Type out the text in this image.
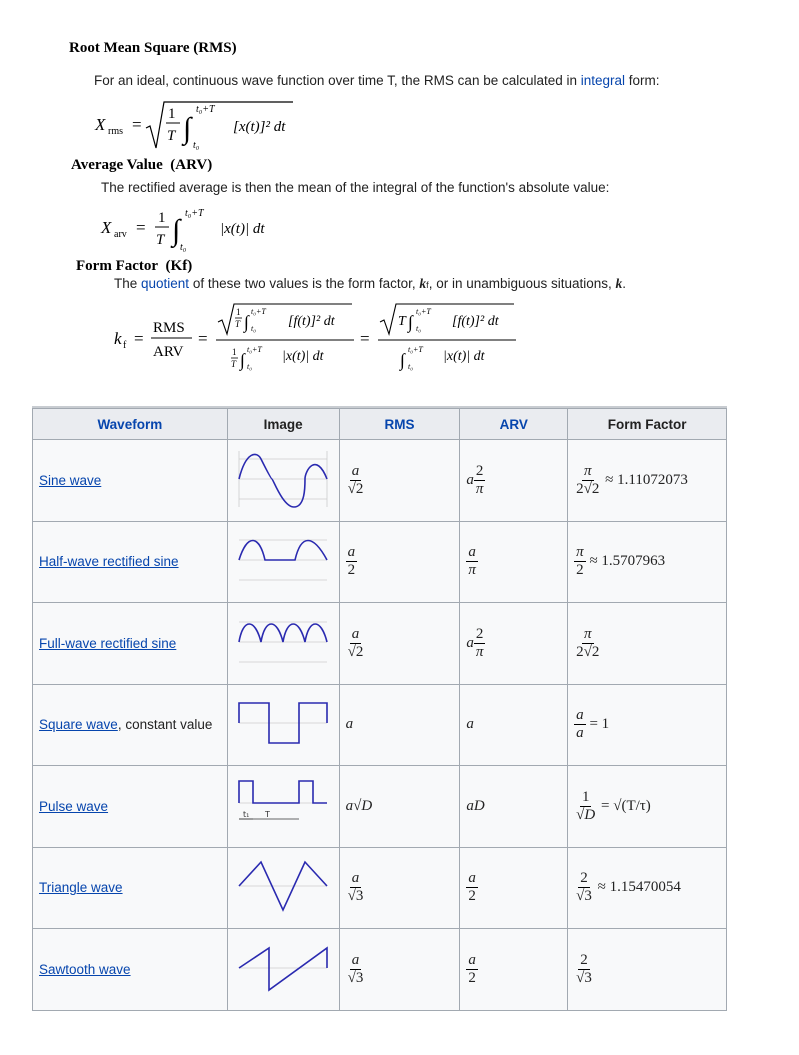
Root Mean Square (RMS)
For an ideal, continuous wave function over time T, the RMS can be calculated in integral form:
X rms =
1
T ∫
t₀+T
t₀
[x(t)]² dt
Average Value (ARV)
The rectified average is then the mean of the integral of the function's absolute value:
X arv = 1
T ∫
t₀+T
t₀
|x(t)| dt
Form Factor (Kf)
The quotient of these two values is the form factor, kf, or in unambiguous situations, k.
k f =
RMS
ARV
=
1
T ∫
t₀+T
t₀ [f(t)]² dt
1
T ∫
t₀+T
t₀
|x(t)| dt
=
T ∫
t₀+T
t₀ [f(t)]² dt
∫
t₀+T
t₀
|x(t)| dt
Waveform	Image	RMS	ARV	Form Factor
Sine wave		$\frac{a}{√2}$	a $\frac{2}{\pi}$	$\frac{\pi}{2√2} \approx 1.11072073$
Half-wave rectified sine		$\frac{a}{2}$	$\frac{a}{\pi}$	$\frac{\pi}{2} \approx 1.5707963$
Full-wave rectified sine		$\frac{a}{√2}$	a $\frac{2}{\pi}$	$\frac{\pi}{2√2}$

Square wave, constant value		a	a	$\frac{a}{a} = 1$
Pulse wave	t₁ T	a√D	aD	$\frac{1}{√D} = √(T/\tau)$
Triangle wave		$\frac{a}{√3}$	$\frac{a}{2}$	$\frac{2}{√3} \approx 1.15470054$
Sawtooth wave		$\frac{a}{√3}$	$\frac{a}{2}$	$\frac{2}{√3}$
